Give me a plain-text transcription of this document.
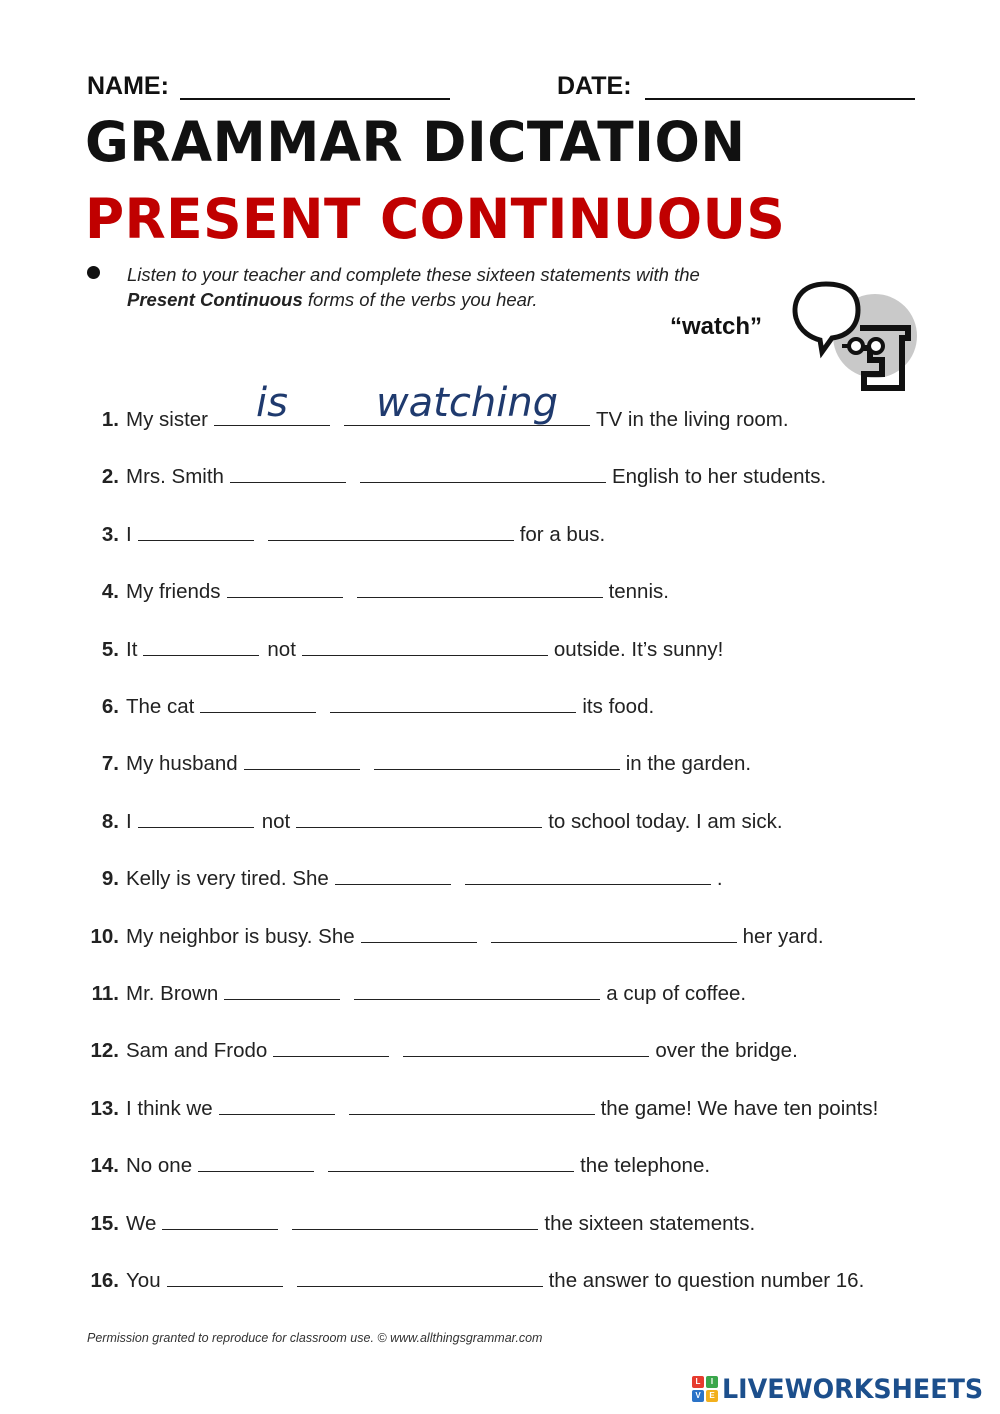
NAME:	DATE:
GRAMMAR DICTATION
PRESENT CONTINUOUS

Listen to your teacher and complete these sixteen statements with the
Present Continuous forms of the verbs you hear.

“watch”
1. My sister is watching TV in the living room.
2. Mrs. Smith	English to her students.
3. I	for a bus.
4. My friends	tennis.
5. It	not	outside. It’s sunny!
6. The cat	its food.
7. My husband	in the garden.
8. I	not	to school today. I am sick.
9. Kelly is very tired. She	.
10. My neighbor is busy. She	her yard.
11. Mr. Brown	a cup of coffee.
12. Sam and Frodo	over the bridge.
13. I think we	the game! We have ten points!
14. No one	the telephone.
15. We	the sixteen statements.
16. You	the answer to question number 16.
Permission granted to reproduce for classroom use. © www.allthingsgrammar.com
L	I
V	E LIVEWORKSHEETS
